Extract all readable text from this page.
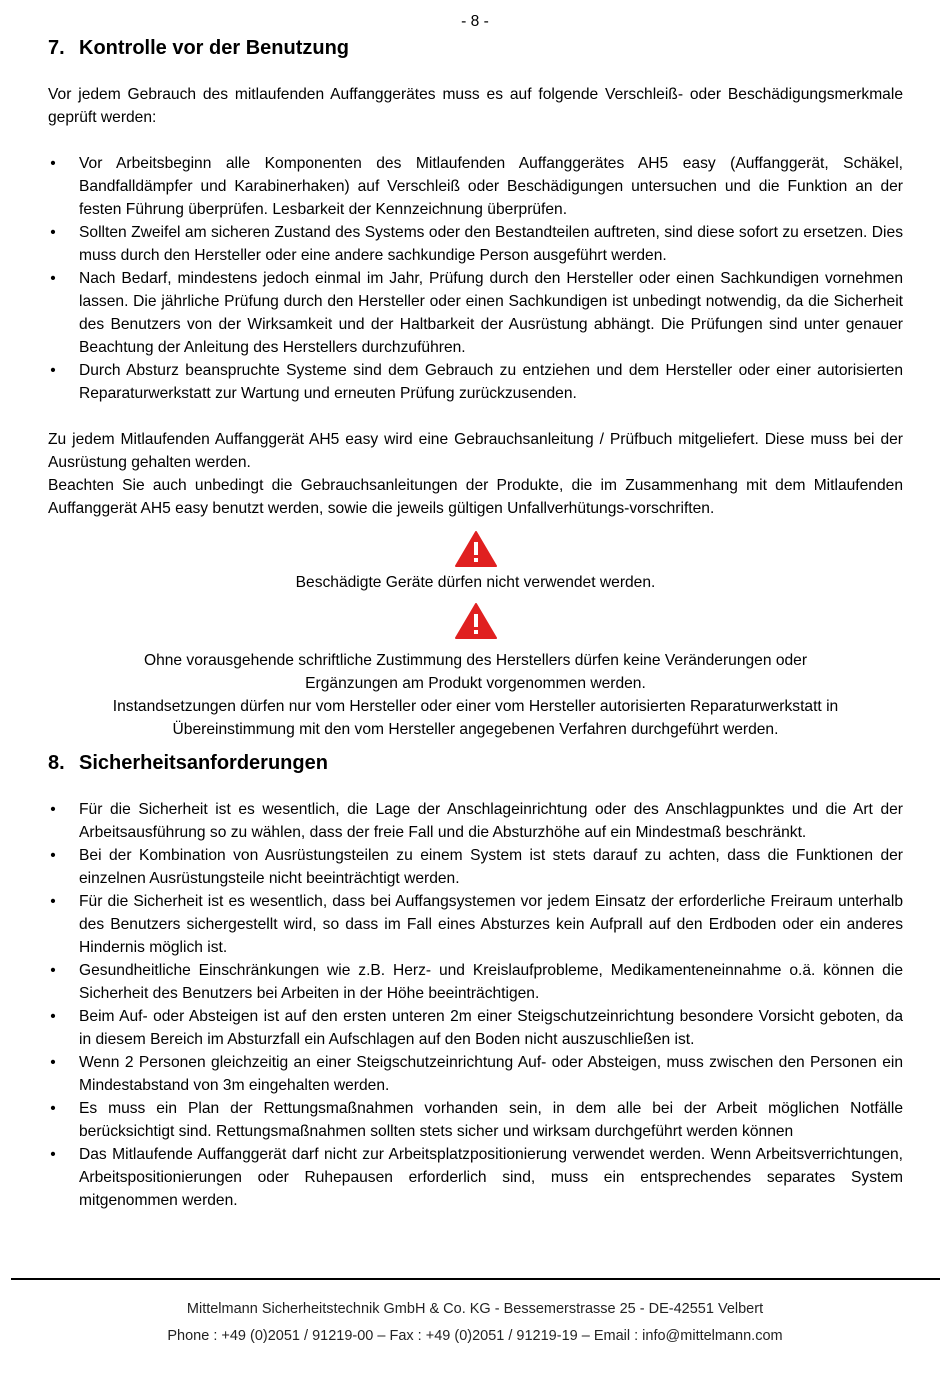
- 8 -
7. Kontrolle vor der Benutzung

Vor jedem Gebrauch des mitlaufenden Auffanggerätes muss es auf folgende Verschleiß- oder Beschädigungsmerkmale geprüft werden:

• Vor Arbeitsbeginn alle Komponenten des Mitlaufenden Auffanggerätes AH5 easy (Auffanggerät, Schäkel, Bandfalldämpfer und Karabinerhaken) auf Verschleiß oder Beschädigungen untersuchen und die Funktion an der festen Führung überprüfen. Lesbarkeit der Kennzeichnung überprüfen.
• Sollten Zweifel am sicheren Zustand des Systems oder den Bestandteilen auftreten, sind diese sofort zu ersetzen. Dies muss durch den Hersteller oder eine andere sachkundige Person ausgeführt werden.
• Nach Bedarf, mindestens jedoch einmal im Jahr, Prüfung durch den Hersteller oder einen Sachkundigen vornehmen lassen. Die jährliche Prüfung durch den Hersteller oder einen Sachkundigen ist unbedingt notwendig, da die Sicherheit des Benutzers von der Wirksamkeit und der Haltbarkeit der Ausrüstung abhängt. Die Prüfungen sind unter genauer Beachtung der Anleitung des Herstellers durchzuführen.
• Durch Absturz beanspruchte Systeme sind dem Gebrauch zu entziehen und dem Hersteller oder einer autorisierten Reparaturwerkstatt zur Wartung und erneuten Prüfung zurückzusenden.

Zu jedem Mitlaufenden Auffanggerät AH5 easy wird eine Gebrauchsanleitung / Prüfbuch mitgeliefert. Diese muss bei der Ausrüstung gehalten werden.

Beachten Sie auch unbedingt die Gebrauchsanleitungen der Produkte, die im Zusammenhang mit dem Mitlaufenden Auffanggerät AH5 easy benutzt werden, sowie die jeweils gültigen Unfallverhütungs-vorschriften.

Beschädigte Geräte dürfen nicht verwendet werden.

Ohne vorausgehende schriftliche Zustimmung des Herstellers dürfen keine Veränderungen oder
Ergänzungen am Produkt vorgenommen werden.
Instandsetzungen dürfen nur vom Hersteller oder einer vom Hersteller autorisierten Reparaturwerkstatt in
Übereinstimmung mit den vom Hersteller angegebenen Verfahren durchgeführt werden.
8. Sicherheitsanforderungen
• Für die Sicherheit ist es wesentlich, die Lage der Anschlageinrichtung oder des Anschlagpunktes und die Art der Arbeitsausführung so zu wählen, dass der freie Fall und die Absturzhöhe auf ein Mindestmaß beschränkt.
• Bei der Kombination von Ausrüstungsteilen zu einem System ist stets darauf zu achten, dass die Funktionen der einzelnen Ausrüstungsteile nicht beeinträchtigt werden.
• Für die Sicherheit ist es wesentlich, dass bei Auffangsystemen vor jedem Einsatz der erforderliche Freiraum unterhalb des Benutzers sichergestellt wird, so dass im Fall eines Absturzes kein Aufprall auf den Erdboden oder ein anderes Hindernis möglich ist.
• Gesundheitliche Einschränkungen wie z.B. Herz- und Kreislaufprobleme, Medikamenteneinnahme o.ä. können die Sicherheit des Benutzers bei Arbeiten in der Höhe beeinträchtigen.
• Beim Auf- oder Absteigen ist auf den ersten unteren 2m einer Steigschutzeinrichtung besondere Vorsicht geboten, da in diesem Bereich im Absturzfall ein Aufschlagen auf den Boden nicht auszuschließen ist.
• Wenn 2 Personen gleichzeitig an einer Steigschutzeinrichtung Auf- oder Absteigen, muss zwischen den Personen ein Mindestabstand von 3m eingehalten werden.
• Es muss ein Plan der Rettungsmaßnahmen vorhanden sein, in dem alle bei der Arbeit möglichen Notfälle berücksichtigt sind. Rettungsmaßnahmen sollten stets sicher und wirksam durchgeführt werden können
• Das Mitlaufende Auffanggerät darf nicht zur Arbeitsplatzpositionierung verwendet werden. Wenn Arbeitsverrichtungen, Arbeitspositionierungen oder Ruhepausen erforderlich sind, muss ein entsprechendes separates System mitgenommen werden.
Mittelmann Sicherheitstechnik GmbH & Co. KG - Bessemerstrasse 25 - DE-42551 Velbert
Phone : +49 (0)2051 / 91219-00 – Fax : +49 (0)2051 / 91219-19 – Email : info@mittelmann.com
